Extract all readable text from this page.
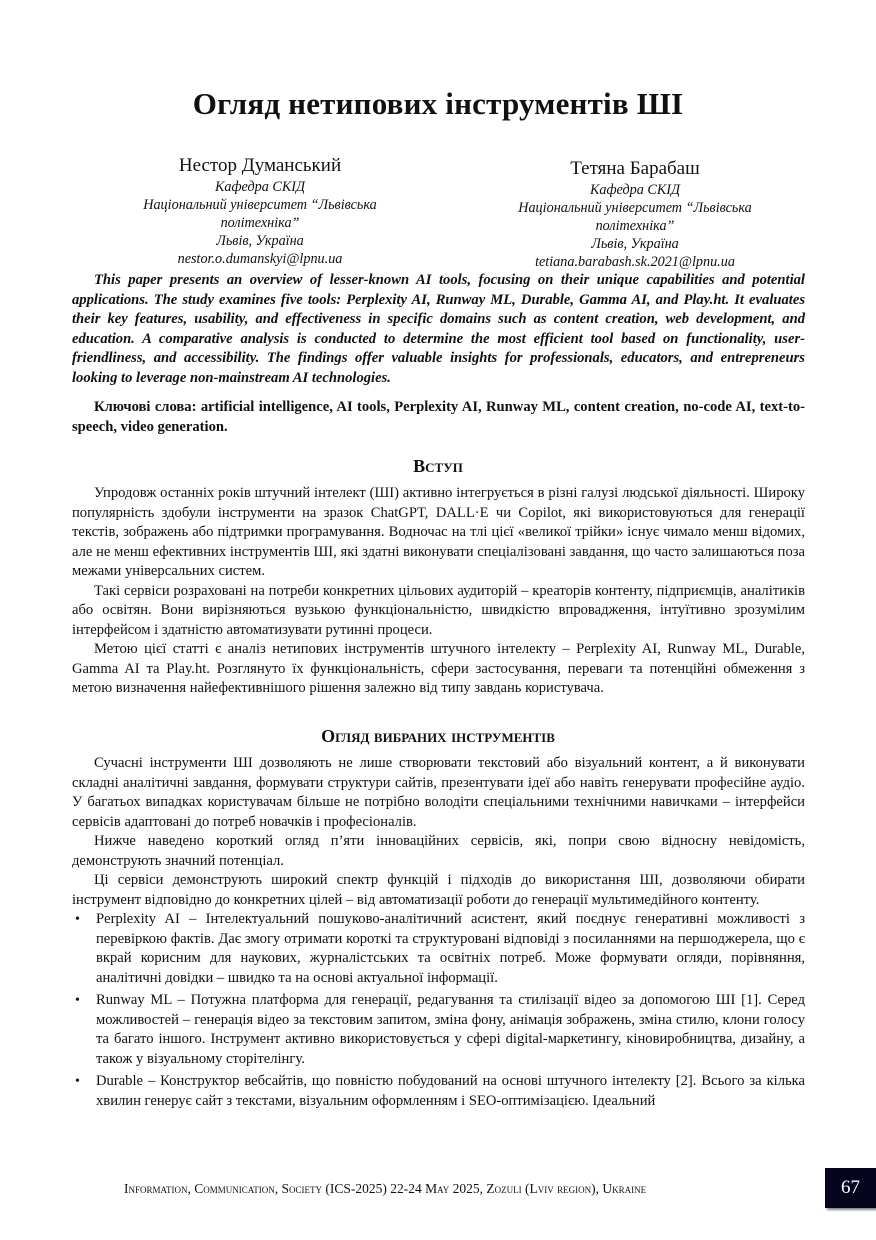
Огляд нетипових інструментів ШІ
Нестор Думанський
Кафедра СКІД
Національний університет “Львівська
політехніка”
Львів, Україна
nestor.o.dumanskyi@lpnu.ua
Тетяна Барабаш
Кафедра СКІД
Національний університет “Львівська
політехніка”
Львів, Україна
tetiana.barabash.sk.2021@lpnu.ua

This paper presents an overview of lesser-known AI tools, focusing on their unique capabilities and potential applications. The study examines five tools: Perplexity AI, Runway ML, Durable, Gamma AI, and Play.ht. It evaluates their key features, usability, and effectiveness in specific domains such as content creation, web development, and education. A comparative analysis is conducted to determine the most efficient tool based on functionality, user-friendliness, and accessibility. The findings offer valuable insights for professionals, educators, and entrepreneurs looking to leverage non-mainstream AI technologies.

Ключові слова: artificial intelligence, AI tools, Perplexity AI, Runway ML, content creation, no-code AI, text-to-speech, video generation.

Вступ

Упродовж останніх років штучний інтелект (ШІ) активно інтегрується в різні галузі людської діяльності. Широку популярність здобули інструменти на зразок ChatGPT, DALL·E чи Copilot, які використовуються для генерації текстів, зображень або підтримки програмування. Водночас на тлі цієї «великої трійки» існує чимало менш відомих, але не менш ефективних інструментів ШІ, які здатні виконувати спеціалізовані завдання, що часто залишаються поза межами універсальних систем.

Такі сервіси розраховані на потреби конкретних цільових аудиторій – креаторів контенту, підприємців, аналітиків або освітян. Вони вирізняються вузькою функціональністю, швидкістю впровадження, інтуїтивно зрозумілим інтерфейсом і здатністю автоматизувати рутинні процеси.

Метою цієї статті є аналіз нетипових інструментів штучного інтелекту – Perplexity AI, Runway ML, Durable, Gamma AI та Play.ht. Розглянуто їх функціональність, сфери застосування, переваги та потенційні обмеження з метою визначення найефективнішого рішення залежно від типу завдань користувача.

Огляд вибраних інструментів

Сучасні інструменти ШІ дозволяють не лише створювати текстовий або візуальний контент, а й виконувати складні аналітичні завдання, формувати структури сайтів, презентувати ідеї або навіть генерувати професійне аудіо. У багатьох випадках користувачам більше не потрібно володіти спеціальними технічними навичками – інтерфейси сервісів адаптовані до потреб новачків і професіоналів.

Нижче наведено короткий огляд п’яти інноваційних сервісів, які, попри свою відносну невідомість, демонструють значний потенціал.

Ці сервіси демонструють широкий спектр функцій і підходів до використання ШІ, дозволяючи обирати інструмент відповідно до конкретних цілей – від автоматизації роботи до генерації мультимедійного контенту.

• Perplexity AI – Інтелектуальний пошуково-аналітичний асистент, який поєднує генеративні можливості з перевіркою фактів. Дає змогу отримати короткі та структуровані відповіді з посиланнями на першоджерела, що є вкрай корисним для наукових, журналістських та освітніх потреб. Може формувати огляди, порівняння, аналітичні довідки – швидко та на основі актуальної інформації.
• Runway ML – Потужна платформа для генерації, редагування та стилізації відео за допомогою ШІ [1]. Серед можливостей – генерація відео за текстовим запитом, зміна фону, анімація зображень, зміна стилю, клони голосу та багато іншого. Інструмент активно використовується у сфері digital-маркетингу, кіновиробництва, дизайну, а також у візуальному сторітелінгу.
• Durable – Конструктор вебсайтів, що повністю побудований на основі штучного інтелекту [2]. Всього за кілька хвилин генерує сайт з текстами, візуальним оформленням і SEO-оптимізацією. Ідеальний
Information, Communication, Society (ICS-2025) 22-24 May 2025, Zozuli (Lviv region), Ukraine	67
